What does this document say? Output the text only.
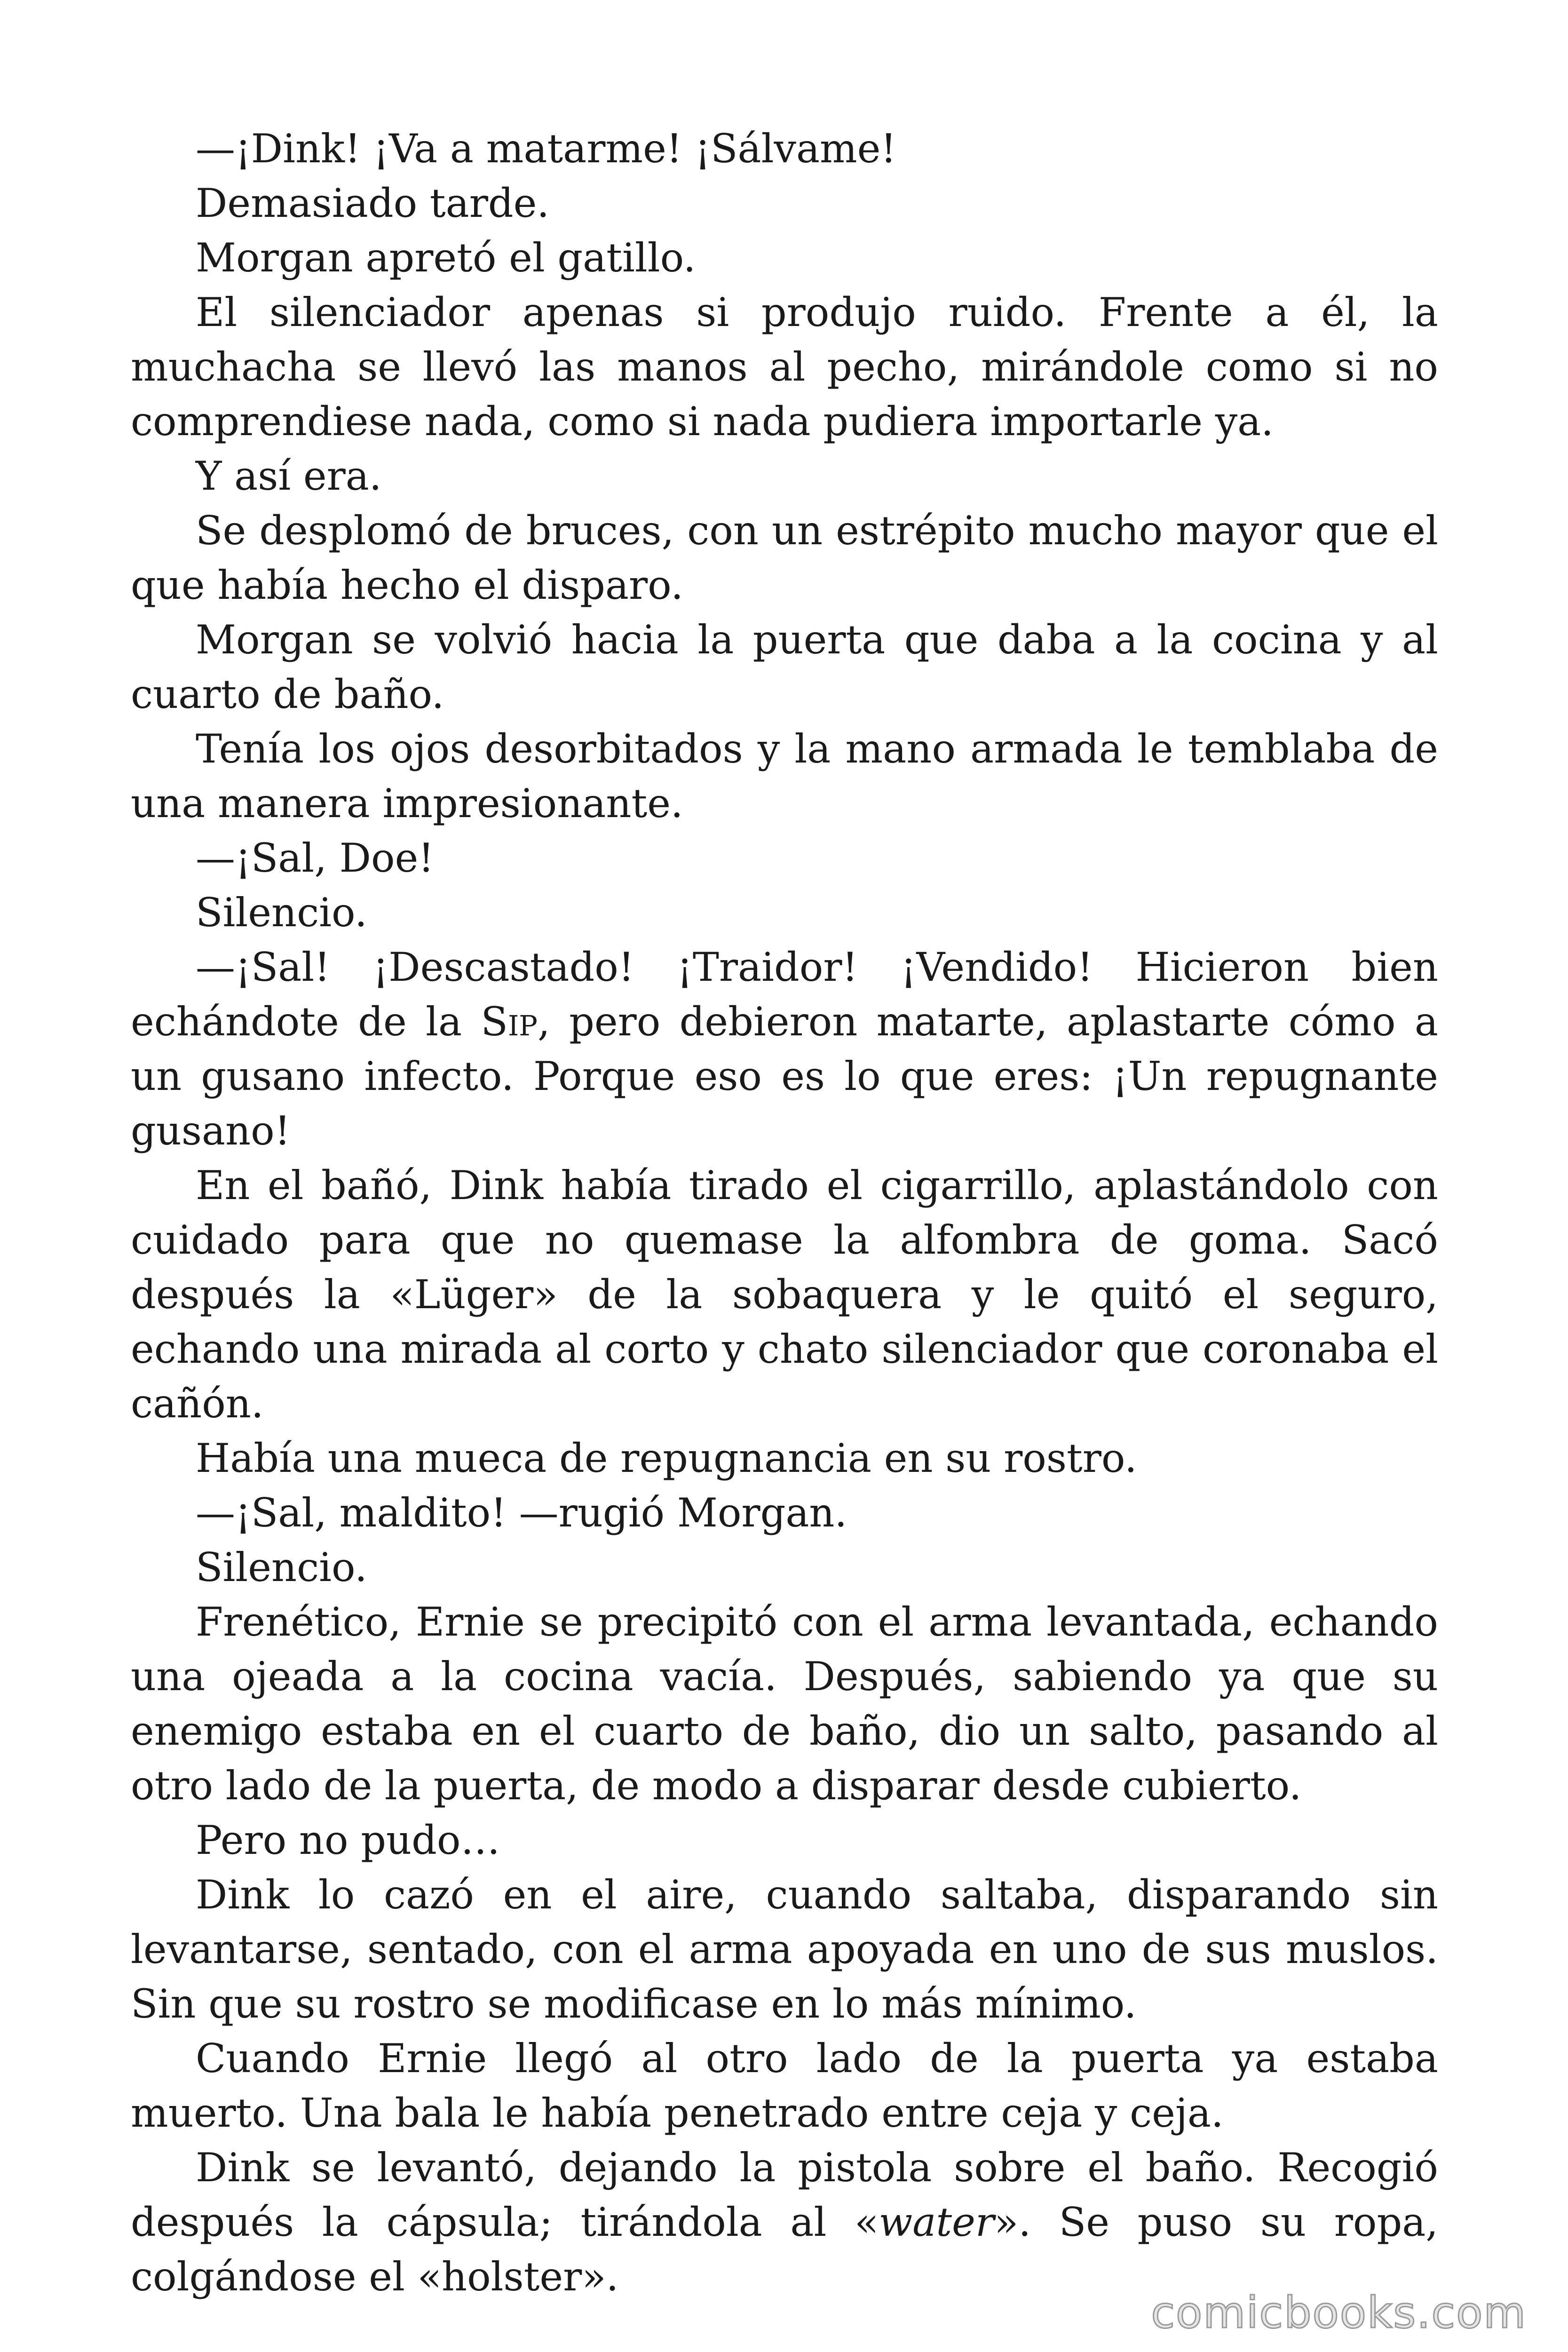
—¡Dink! ¡Va a matarme! ¡Sálvame!

Demasiado tarde.

Morgan apretó el gatillo.

El silenciador apenas si produjo ruido. Frente a él, la muchacha se llevó las manos al pecho, mirándole como si no comprendiese nada, como si nada pudiera importarle ya.

Y así era.

Se desplomó de bruces, con un estrépito mucho mayor que el que había hecho el disparo.

Morgan se volvió hacia la puerta que daba a la cocina y al cuarto de baño.

Tenía los ojos desorbitados y la mano armada le temblaba de una manera impresionante.

—¡Sal, Doe!

Silencio.

—¡Sal! ¡Descastado! ¡Traidor! ¡Vendido! Hicieron bien echándote de la Sip, pero debieron matarte, aplastarte cómo a un gusano infecto. Porque eso es lo que eres: ¡Un repugnante gusano!

En el bañó, Dink había tirado el cigarrillo, aplastándolo con cuidado para que no quemase la alfombra de goma. Sacó después la «Lüger» de la sobaquera y le quitó el seguro, echando una mirada al corto y chato silenciador que coronaba el cañón.

Había una mueca de repugnancia en su rostro.

—¡Sal, maldito! —rugió Morgan.

Silencio.

Frenético, Ernie se precipitó con el arma levantada, echando una ojeada a la cocina vacía. Después, sabiendo ya que su enemigo estaba en el cuarto de baño, dio un salto, pasando al otro lado de la puerta, de modo a disparar desde cubierto.

Pero no pudo…

Dink lo cazó en el aire, cuando saltaba, disparando sin levantarse, sentado, con el arma apoyada en uno de sus muslos. Sin que su rostro se modificase en lo más mínimo.

Cuando Ernie llegó al otro lado de la puerta ya estaba muerto. Una bala le había penetrado entre ceja y ceja.

Dink se levantó, dejando la pistola sobre el baño. Recogió después la cápsula; tirándola al «water». Se puso su ropa, colgándose el «holster».

comicbooks.com
